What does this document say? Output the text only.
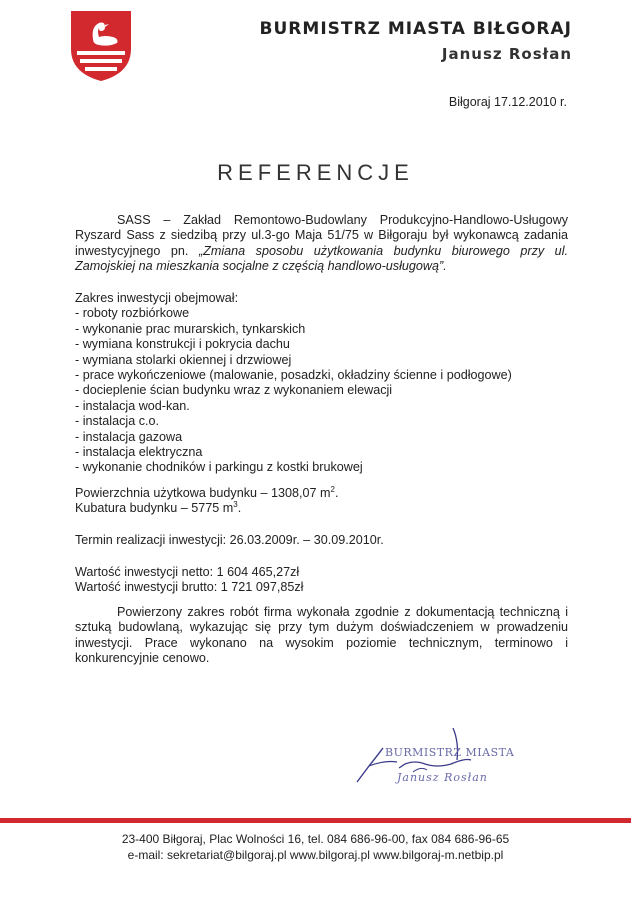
BURMISTRZ MIASTA BIŁGORAJ
Janusz Rosłan
Biłgoraj 17.12.2010 r.
REFERENCJE
SASS – Zakład Remontowo-Budowlany Produkcyjno-Handlowo-Usługowy Ryszard Sass z siedzibą przy ul.3-go Maja 51/75 w Biłgoraju był wykonawcą zadania inwestycyjnego pn. „Zmiana sposobu użytkowania budynku biurowego przy ul. Zamojskiej na mieszkania socjalne z częścią handlowo-usługową”.
Zakres inwestycji obejmował:
- roboty rozbiórkowe
- wykonanie prac murarskich, tynkarskich
- wymiana konstrukcji i pokrycia dachu
- wymiana stolarki okiennej i drzwiowej
- prace wykończeniowe (malowanie, posadzki, okładziny ścienne i podłogowe)
- docieplenie ścian budynku wraz z wykonaniem elewacji
- instalacja wod-kan.
- instalacja c.o.
- instalacja gazowa
- instalacja elektryczna
- wykonanie chodników i parkingu z kostki brukowej
Powierzchnia użytkowa budynku – 1308,07 $m^2$.
Kubatura budynku – 5775 $m^3$.
Termin realizacji inwestycji: 26.03.2009r. – 30.09.2010r.
Wartość inwestycji netto: 1 604 465,27zł
Wartość inwestycji brutto: 1 721 097,85zł
Powierzony zakres robót firma wykonała zgodnie z dokumentacją techniczną i sztuką budowlaną, wykazując się przy tym dużym doświadczeniem w prowadzeniu inwestycji. Prace wykonano na wysokim poziomie technicznym, terminowo i konkurencyjnie cenowo.
BURMISTRZ MIASTA
Janusz Rosłan
23-400 Biłgoraj, Plac Wolności 16, tel. 084 686-96-00, fax 084 686-96-65
e-mail: sekretariat@bilgoraj.pl www.bilgoraj.pl www.bilgoraj-m.netbip.pl
